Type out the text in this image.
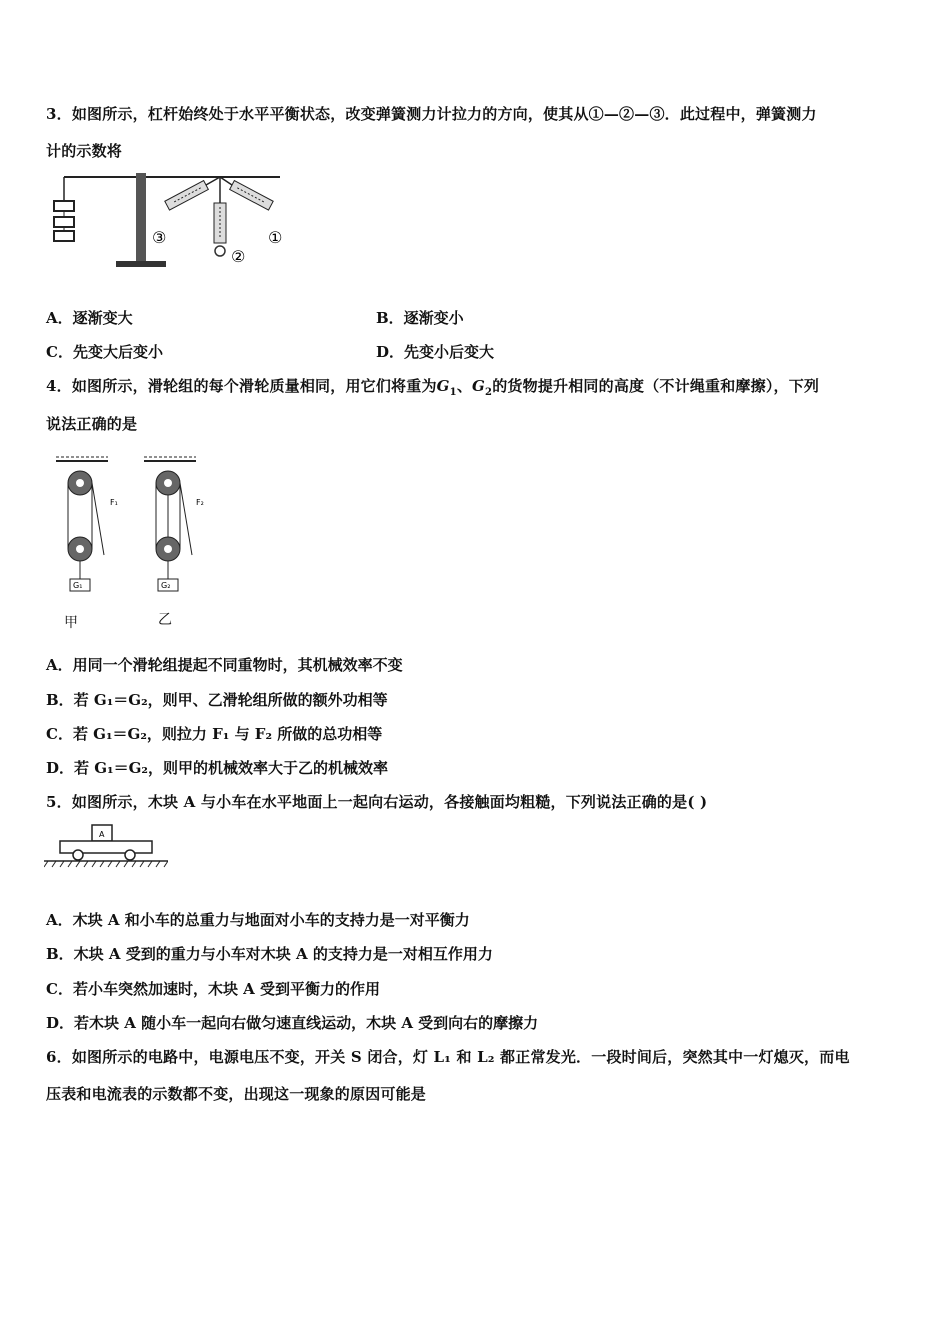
3．如图所示，杠杆始终处于水平平衡状态，改变弹簧测力计拉力的方向，使其从①—②—③．此过程中，弹簧测力
计的示数将
①
②
③
A．逐渐变大	B．逐渐变小
C．先变大后变小	D．先变小后变大
4．如图所示，滑轮组的每个滑轮质量相同，用它们将重为$G_1$、$G_2$的货物提升相同的高度（不计绳重和摩擦），下列
说法正确的是
F₁
G₁
F₂
G₂
甲	乙
A．用同一个滑轮组提起不同重物时，其机械效率不变
B．若 G₁＝G₂，则甲、乙滑轮组所做的额外功相等
C．若 G₁＝G₂，则拉力 F₁ 与 F₂ 所做的总功相等
D．若 G₁＝G₂，则甲的机械效率大于乙的机械效率
5．如图所示，木块 A 与小车在水平地面上一起向右运动，各接触面均粗糙，下列说法正确的是( )
A
A．木块 A 和小车的总重力与地面对小车的支持力是一对平衡力
B．木块 A 受到的重力与小车对木块 A 的支持力是一对相互作用力
C．若小车突然加速时，木块 A 受到平衡力的作用
D．若木块 A 随小车一起向右做匀速直线运动，木块 A 受到向右的摩擦力
6．如图所示的电路中，电源电压不变，开关 S 闭合，灯 L₁ 和 L₂ 都正常发光．一段时间后，突然其中一灯熄灭，而电
压表和电流表的示数都不变，出现这一现象的原因可能是
